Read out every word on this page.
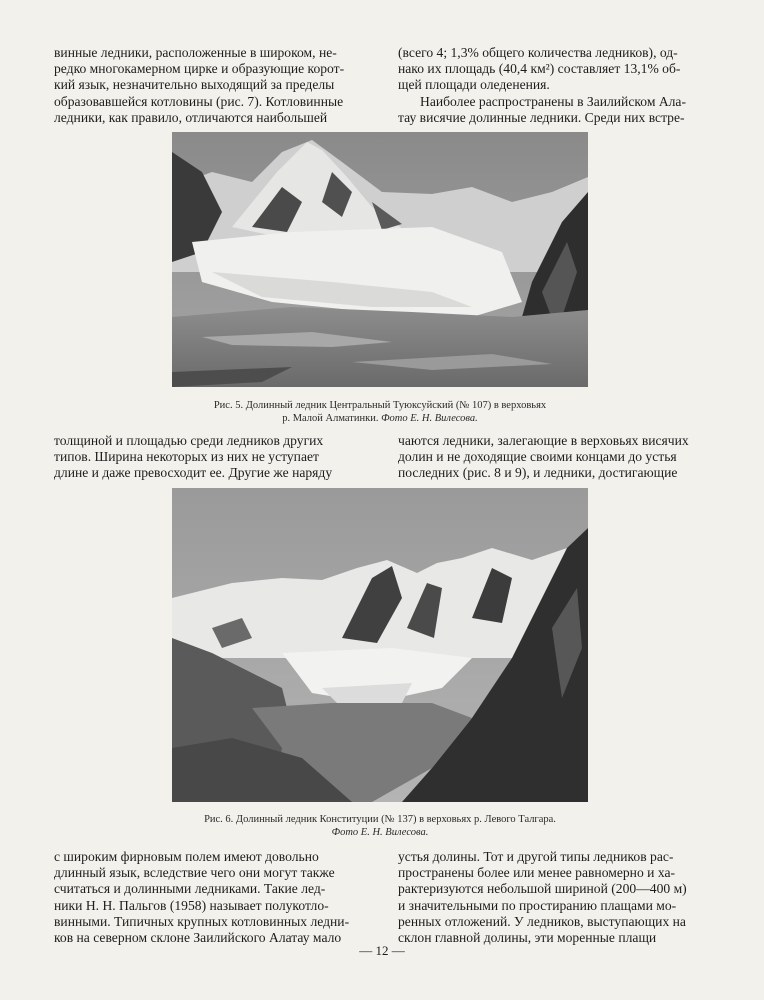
винные ледники, расположенные в широком, не-
редко многокамерном цирке и образующие корот-
кий язык, незначительно выходящий за пределы
образовавшейся котловины (рис. 7). Котловинные
ледники, как правило, отличаются наибольшей
(всего 4; 1,3% общего количества ледников), од-
нако их площадь (40,4 км²) составляет 13,1% об-
щей площади оледенения.
Наиболее распространены в Заилийском Ала-
тау висячие долинные ледники. Среди них встре-
Рис. 5. Долинный ледник Центральный Туюксуйский (№ 107) в верховьях
р. Малой Алматинки. Фото Е. Н. Вилесова.
толщиной и площадью среди ледников других
типов. Ширина некоторых из них не уступает
длине и даже превосходит ее. Другие же наряду
чаются ледники, залегающие в верховьях висячих
долин и не доходящие своими концами до устья
последних (рис. 8 и 9), и ледники, достигающие
Рис. 6. Долинный ледник Конституции (№ 137) в верховьях р. Левого Талгара.
Фото Е. Н. Вилесова.
с широким фирновым полем имеют довольно
длинный язык, вследствие чего они могут также
считаться и долинными ледниками. Такие лед-
ники Н. Н. Пальгов (1958) называет полукотло-
винными. Типичных крупных котловинных ледни-
ков на северном склоне Заилийского Алатау мало
устья долины. Тот и другой типы ледников рас-
пространены более или менее равномерно и ха-
рактеризуются небольшой шириной (200—400 м)
и значительными по простиранию плащами мо-
ренных отложений. У ледников, выступающих на
склон главной долины, эти моренные плащи
— 12 —
